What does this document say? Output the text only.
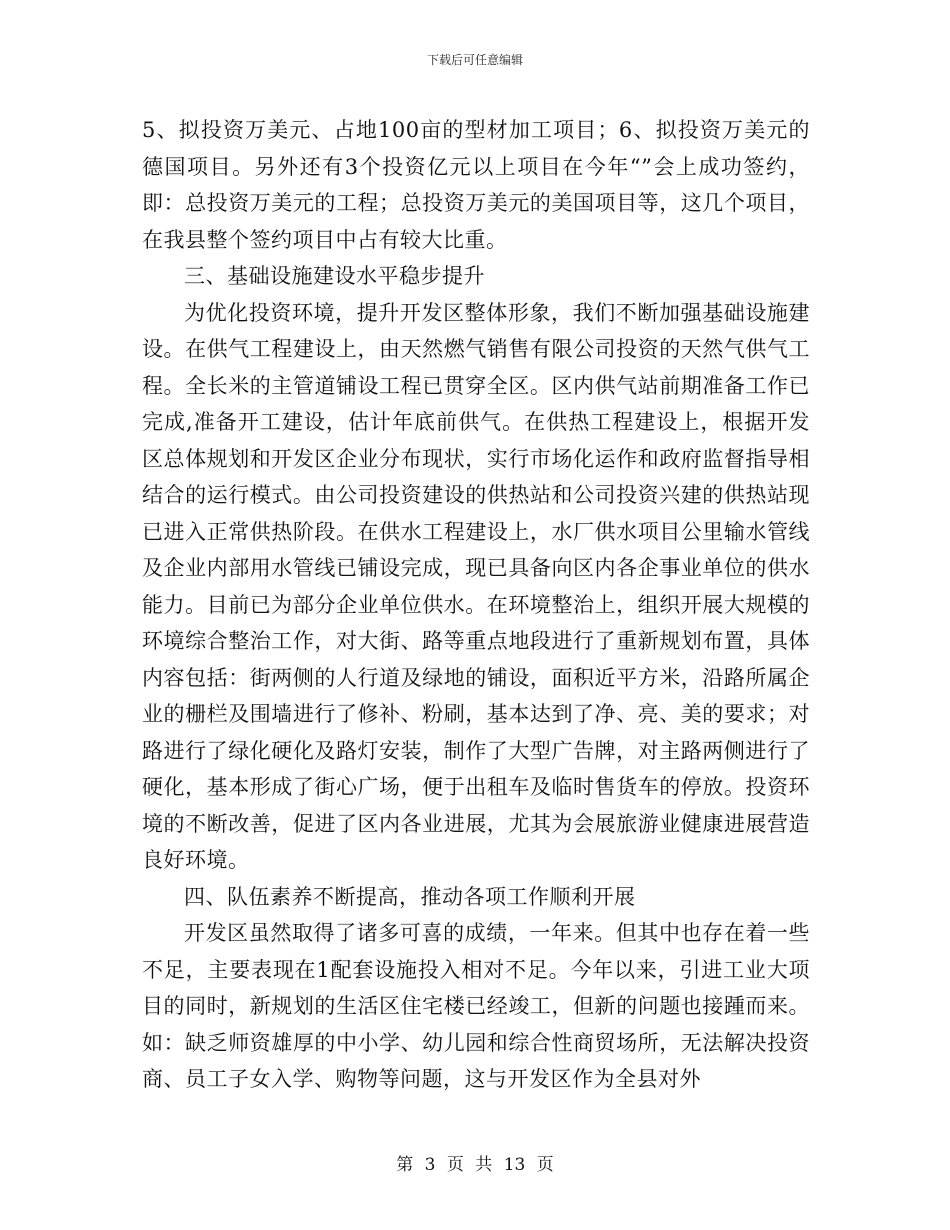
下载后可任意编辑

5、拟投资万美元、占地100亩的型材加工项目；6、拟投资万美元的德国项目。另外还有3个投资亿元以上项目在今年“”会上成功签约，即：总投资万美元的工程；总投资万美元的美国项目等，这几个项目，在我县整个签约项目中占有较大比重。

三、基础设施建设水平稳步提升

为优化投资环境，提升开发区整体形象，我们不断加强基础设施建设。在供气工程建设上，由天然燃气销售有限公司投资的天然气供气工程。全长米的主管道铺设工程已贯穿全区。区内供气站前期准备工作已完成,准备开工建设，估计年底前供气。在供热工程建设上，根据开发区总体规划和开发区企业分布现状，实行市场化运作和政府监督指导相结合的运行模式。由公司投资建设的供热站和公司投资兴建的供热站现已进入正常供热阶段。在供水工程建设上，水厂供水项目公里输水管线及企业内部用水管线已铺设完成，现已具备向区内各企事业单位的供水能力。目前已为部分企业单位供水。在环境整治上，组织开展大规模的环境综合整治工作，对大街、路等重点地段进行了重新规划布置，具体内容包括：街两侧的人行道及绿地的铺设，面积近平方米，沿路所属企业的栅栏及围墙进行了修补、粉刷，基本达到了净、亮、美的要求；对路进行了绿化硬化及路灯安装，制作了大型广告牌，对主路两侧进行了硬化，基本形成了街心广场，便于出租车及临时售货车的停放。投资环境的不断改善，促进了区内各业进展，尤其为会展旅游业健康进展营造良好环境。

四、队伍素养不断提高，推动各项工作顺利开展

开发区虽然取得了诸多可喜的成绩，一年来。但其中也存在着一些不足，主要表现在1配套设施投入相对不足。今年以来，引进工业大项目的同时，新规划的生活区住宅楼已经竣工，但新的问题也接踵而来。如：缺乏师资雄厚的中小学、幼儿园和综合性商贸场所，无法解决投资商、员工子女入学、购物等问题，这与开发区作为全县对外

第 3 页 共 13 页
